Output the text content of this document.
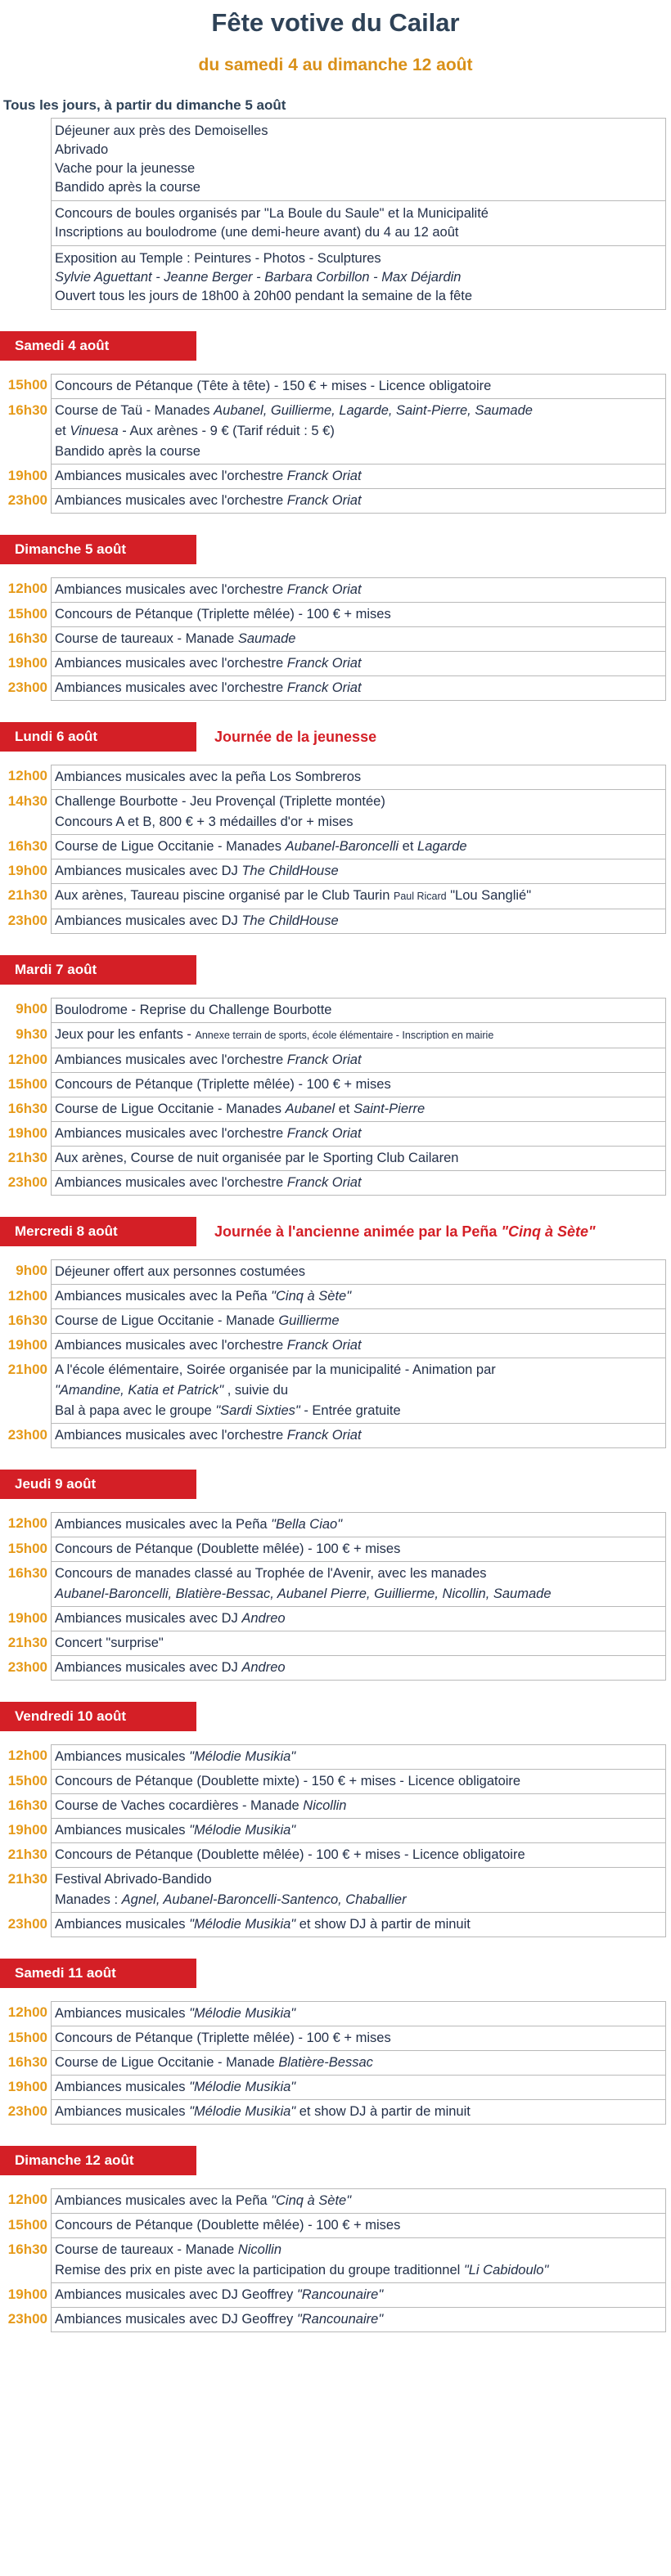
Fête votive du Cailar
du samedi 4 au dimanche 12 août
Tous les jours, à partir du dimanche 5 août
Déjeuner aux près des Demoiselles
Abrivado
Vache pour la jeunesse
Bandido après la course
Concours de boules organisés par "La Boule du Saule" et la Municipalité
Inscriptions au boulodrome (une demi-heure avant) du 4 au 12 août
Exposition au Temple : Peintures - Photos - Sculptures
Sylvie Aguettant - Jeanne Berger - Barbara Corbillon - Max Déjardin
Ouvert tous les jours de 18h00 à 20h00 pendant la semaine de la fête
Samedi 4 août
15h00 Concours de Pétanque (Tête à tête) - 150 € + mises - Licence obligatoire
16h30 Course de Taü - Manades Aubanel, Guillierme, Lagarde, Saint-Pierre, Saumade
et Vinuesa - Aux arènes - 9 € (Tarif réduit : 5 €)
Bandido après la course
19h00 Ambiances musicales avec l'orchestre Franck Oriat
23h00 Ambiances musicales avec l'orchestre Franck Oriat
Dimanche 5 août
12h00 Ambiances musicales avec l'orchestre Franck Oriat
15h00 Concours de Pétanque (Triplette mêlée) - 100 € + mises
16h30 Course de taureaux - Manade Saumade
19h00 Ambiances musicales avec l'orchestre Franck Oriat
23h00 Ambiances musicales avec l'orchestre Franck Oriat
Lundi 6 août	Journée de la jeunesse
12h00 Ambiances musicales avec la peña Los Sombreros
14h30 Challenge Bourbotte - Jeu Provençal (Triplette montée)
Concours A et B, 800 € + 3 médailles d'or + mises
16h30 Course de Ligue Occitanie - Manades Aubanel-Baroncelli et Lagarde
19h00 Ambiances musicales avec DJ The ChildHouse
21h30 Aux arènes, Taureau piscine organisé par le Club Taurin Paul Ricard "Lou Sanglié"
23h00 Ambiances musicales avec DJ The ChildHouse
Mardi 7 août
9h00 Boulodrome - Reprise du Challenge Bourbotte
9h30 Jeux pour les enfants - Annexe terrain de sports, école élémentaire - Inscription en mairie
12h00 Ambiances musicales avec l'orchestre Franck Oriat
15h00 Concours de Pétanque (Triplette mêlée) - 100 € + mises
16h30 Course de Ligue Occitanie - Manades Aubanel et Saint-Pierre
19h00 Ambiances musicales avec l'orchestre Franck Oriat
21h30 Aux arènes, Course de nuit organisée par le Sporting Club Cailaren
23h00 Ambiances musicales avec l'orchestre Franck Oriat
Mercredi 8 août	Journée à l'ancienne animée par la Peña "Cinq à Sète"
9h00 Déjeuner offert aux personnes costumées
12h00 Ambiances musicales avec la Peña "Cinq à Sète"
16h30 Course de Ligue Occitanie - Manade Guillierme
19h00 Ambiances musicales avec l'orchestre Franck Oriat
21h00 A l'école élémentaire, Soirée organisée par la municipalité - Animation par
"Amandine, Katia et Patrick" , suivie du
Bal à papa avec le groupe "Sardi Sixties" - Entrée gratuite
23h00 Ambiances musicales avec l'orchestre Franck Oriat
Jeudi 9 août
12h00 Ambiances musicales avec la Peña "Bella Ciao"
15h00 Concours de Pétanque (Doublette mêlée) - 100 € + mises
16h30 Concours de manades classé au Trophée de l'Avenir, avec les manades
Aubanel-Baroncelli, Blatière-Bessac, Aubanel Pierre, Guillierme, Nicollin, Saumade
19h00 Ambiances musicales avec DJ Andreo
21h30 Concert "surprise"
23h00 Ambiances musicales avec DJ Andreo
Vendredi 10 août
12h00 Ambiances musicales "Mélodie Musikia"
15h00 Concours de Pétanque (Doublette mixte) - 150 € + mises - Licence obligatoire
16h30 Course de Vaches cocardières - Manade Nicollin
19h00 Ambiances musicales "Mélodie Musikia"
21h30 Concours de Pétanque (Doublette mêlée) - 100 € + mises - Licence obligatoire
21h30 Festival Abrivado-Bandido
Manades : Agnel, Aubanel-Baroncelli-Santenco, Chaballier
23h00 Ambiances musicales "Mélodie Musikia" et show DJ à partir de minuit
Samedi 11 août
12h00 Ambiances musicales "Mélodie Musikia"
15h00 Concours de Pétanque (Triplette mêlée) - 100 € + mises
16h30 Course de Ligue Occitanie - Manade Blatière-Bessac
19h00 Ambiances musicales "Mélodie Musikia"
23h00 Ambiances musicales "Mélodie Musikia" et show DJ à partir de minuit
Dimanche 12 août
12h00 Ambiances musicales avec la Peña "Cinq à Sète"
15h00 Concours de Pétanque (Doublette mêlée) - 100 € + mises
16h30 Course de taureaux - Manade Nicollin
Remise des prix en piste avec la participation du groupe traditionnel "Li Cabidoulo"
19h00 Ambiances musicales avec DJ Geoffrey "Rancounaire"
23h00 Ambiances musicales avec DJ Geoffrey "Rancounaire"
